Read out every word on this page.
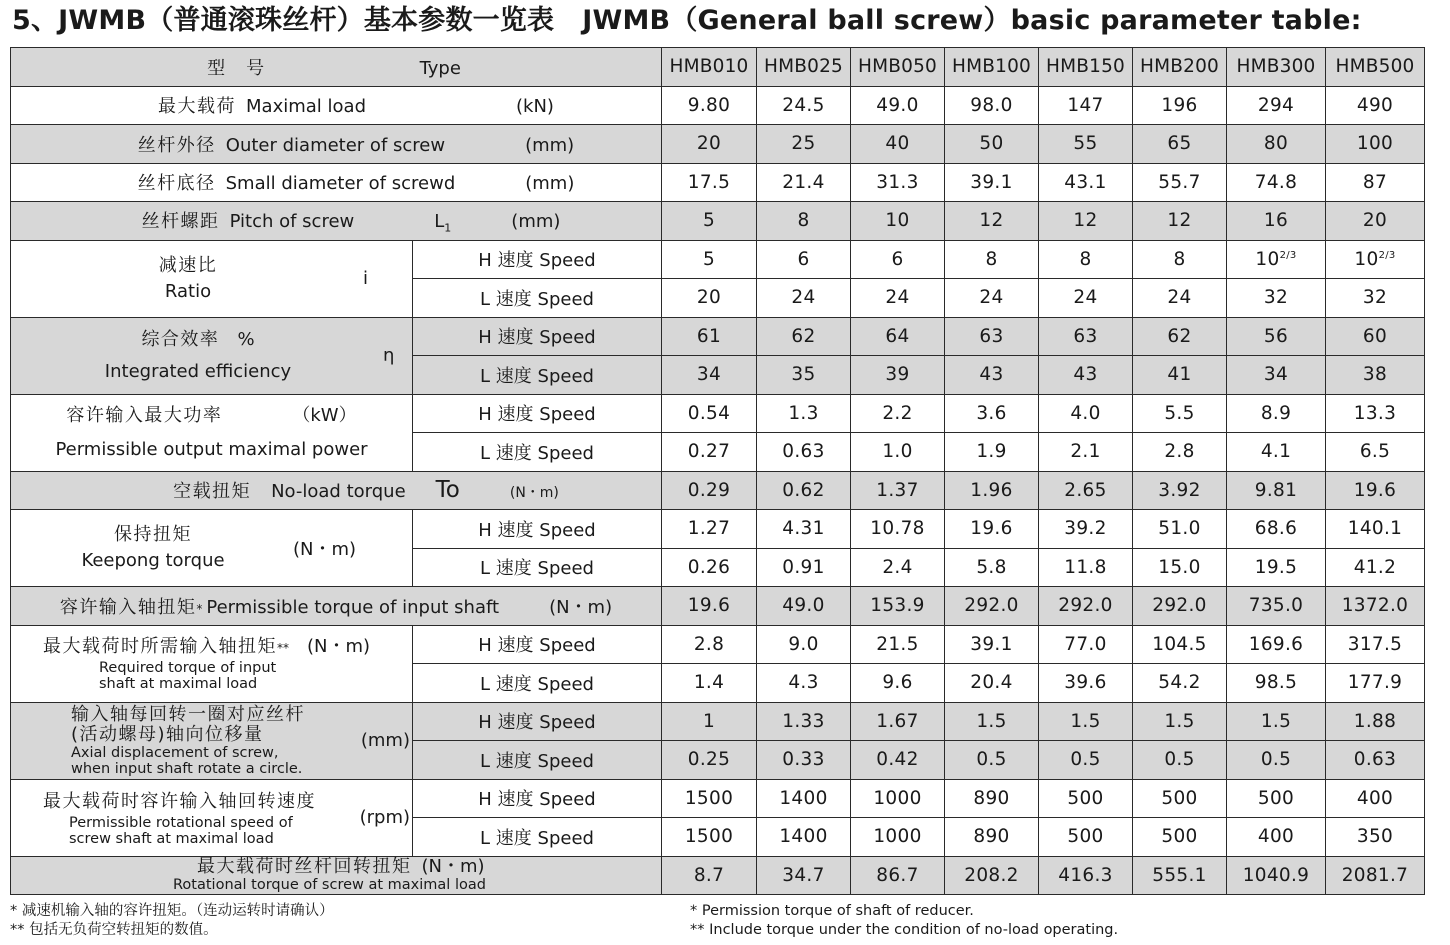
5、JWMB（普通滚珠丝杆）基本参数一览表 JWMB（General ball screw）basic parameter table:
型　号 Type		HMB010	HMB025	HMB050	HMB100	HMB150	HMB200	HMB300	HMB500
最大载荷 Maximal load (kN)		9.80	24.5	49.0	98.0	147	196	294	490
丝杆外径 Outer diameter of screw (mm)		20	25	40	50	55	65	80	100
丝杆底径 Small diameter of screwd (mm)		17.5	21.4	31.3	39.1	43.1	55.7	74.8	87
丝杆螺距 Pitch of screw $L_1$ (mm)		5	8	10	12	12	12	16	20

减速比
Ratio
i	H 速度 Speed	5	6	6	8	8	8	$10^{2/3}$	$10^{2/3}$
	L 速度 Speed	20	24	24	24	24	24	32	32

综合效率 %
Integrated efficiency
η	H 速度 Speed	61	62	64	63	63	62	56	60
	L 速度 Speed	34	35	39	43	43	41	34	38

容许输入最大功率 （kW）
Permissible output maximal power	H 速度 Speed	0.54	1.3	2.2	3.6	4.0	5.5	8.9	13.3
	L 速度 Speed	0.27	0.63	1.0	1.9	2.1	2.8	4.1	6.5
空载扭矩 No-load torque To (N・m)		0.29	0.62	1.37	1.96	2.65	3.92	9.81	19.6

保持扭矩
Keepong torque
(N・m)	H 速度 Speed	1.27	4.31	10.78	19.6	39.2	51.0	68.6	140.1
	L 速度 Speed	0.26	0.91	2.4	5.8	11.8	15.0	19.5	41.2
容许输入轴扭矩* Permissible torque of input shaft (N・m)		19.6	49.0	153.9	292.0	292.0	292.0	735.0	1372.0

最大载荷时所需输入轴扭矩** (N・m)
Required torque of input
shaft at maximal load	H 速度 Speed	2.8	9.0	21.5	39.1	77.0	104.5	169.6	317.5
	L 速度 Speed	1.4	4.3	9.6	20.4	39.6	54.2	98.5	177.9

输入轴每回转一圈对应丝杆
(活动螺母)轴向位移量
Axial displacement of screw,
when input shaft rotate a circle.
(mm)	H 速度 Speed	1	1.33	1.67	1.5	1.5	1.5	1.5	1.88
	L 速度 Speed	0.25	0.33	0.42	0.5	0.5	0.5	0.5	0.63

最大载荷时容许输入轴回转速度
Permissible rotational speed of
screw shaft at maximal load
(rpm)	H 速度 Speed	1500	1400	1000	890	500	500	500	400
	L 速度 Speed	1500	1400	1000	890	500	500	400	350

最大载荷时丝杆回转扭矩 (N・m)
Rotational torque of screw at maximal load		8.7	34.7	86.7	208.2	416.3	555.1	1040.9	2081.7
* 减速机输入轴的容许扭矩。（连动运转时请确认）
** 包括无负荷空转扭矩的数值。
* Permission torque of shaft of reducer.
** Include torque under the condition of no-load operating.
